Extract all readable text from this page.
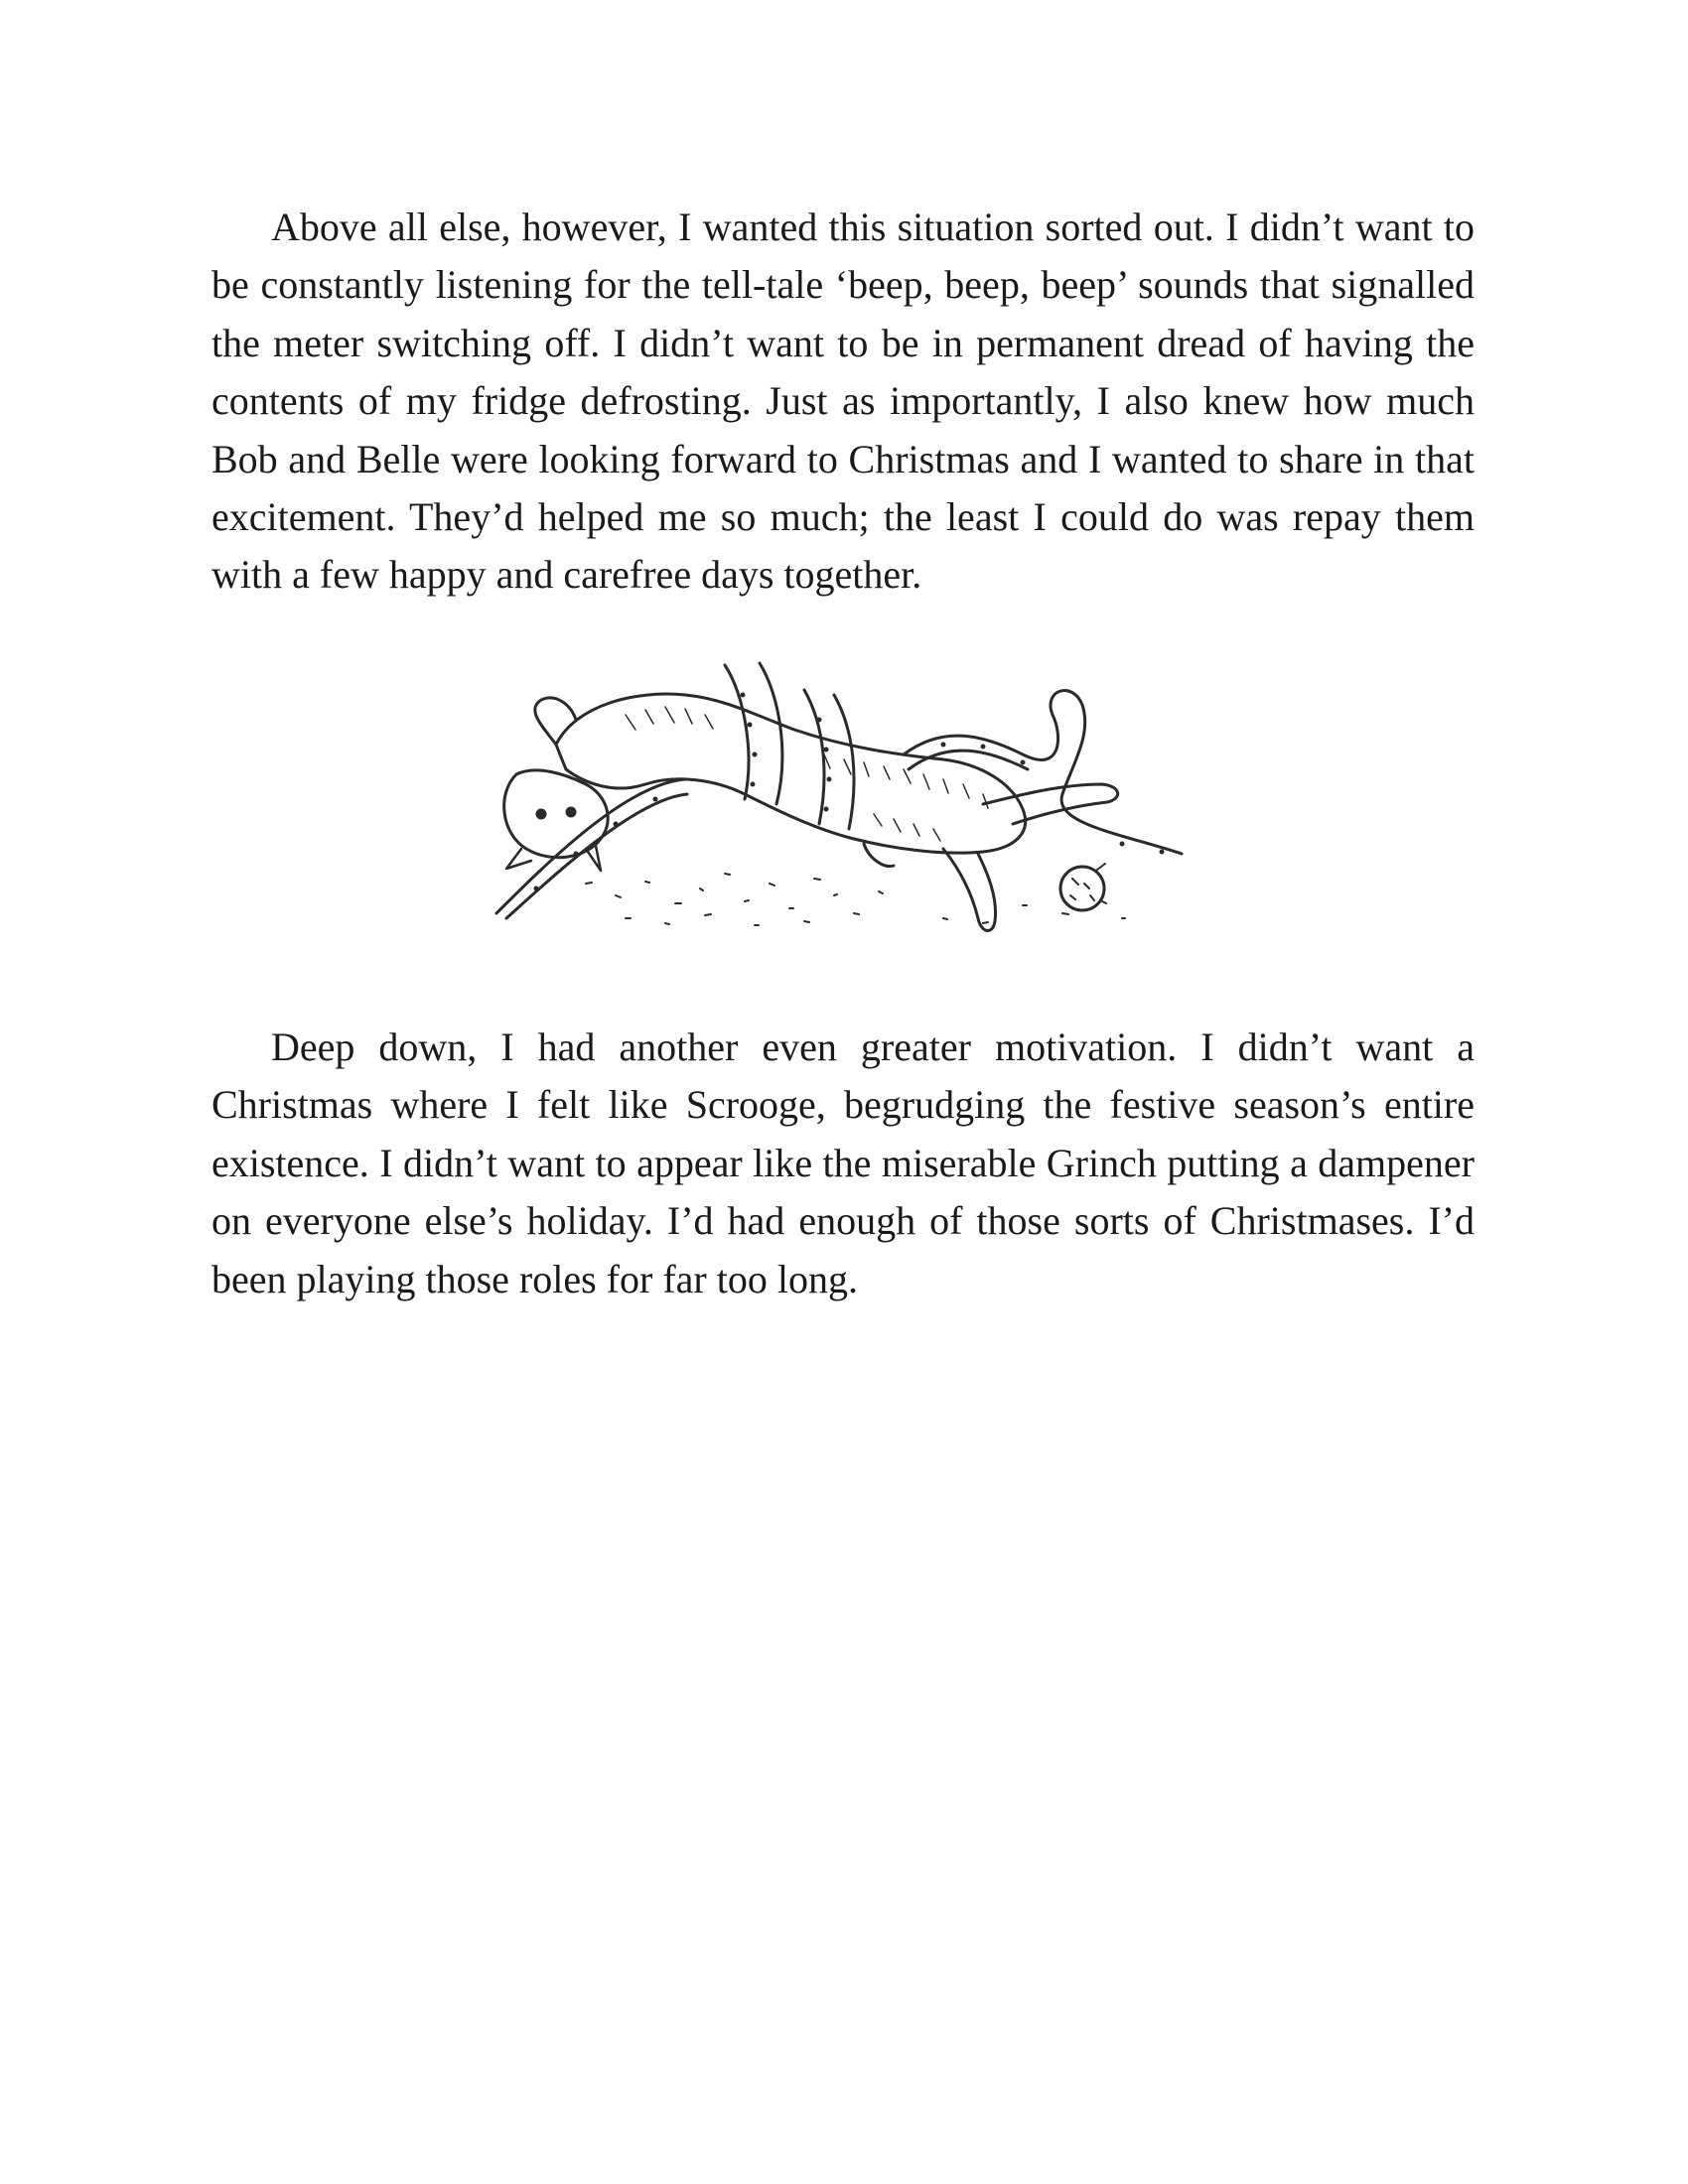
Above all else, however, I wanted this situation sorted out. I didn’t want to be constantly listening for the tell-tale ‘beep, beep, beep’ sounds that signalled the meter switching off. I didn’t want to be in permanent dread of having the contents of my fridge defrosting. Just as importantly, I also knew how much Bob and Belle were looking forward to Christmas and I wanted to share in that excitement. They’d helped me so much; the least I could do was repay them with a few happy and carefree days together.

Deep down, I had another even greater motivation. I didn’t want a Christmas where I felt like Scrooge, begrudging the festive season’s entire existence. I didn’t want to appear like the miserable Grinch putting a dampener on everyone else’s holiday. I’d had enough of those sorts of Christmases. I’d been playing those roles for far too long.
